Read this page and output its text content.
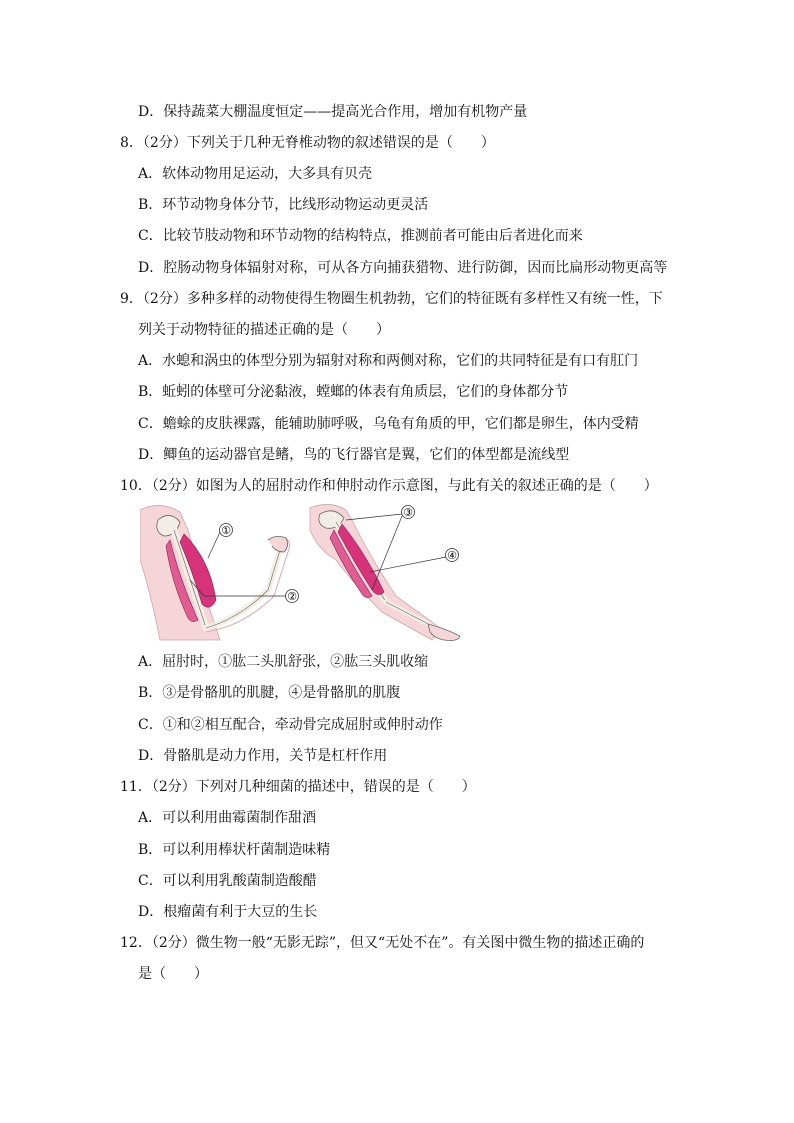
D．保持蔬菜大棚温度恒定——提高光合作用，增加有机物产量
8．（2分）下列关于几种无脊椎动物的叙述错误的是（　　）
A．软体动物用足运动，大多具有贝壳
B．环节动物身体分节，比线形动物运动更灵活
C．比较节肢动物和环节动物的结构特点，推测前者可能由后者进化而来
D．腔肠动物身体辐射对称，可从各方向捕获猎物、进行防御，因而比扁形动物更高等
9．（2分）多种多样的动物使得生物圈生机勃勃，它们的特征既有多样性又有统一性，下
列关于动物特征的描述正确的是（　　）
A．水螅和涡虫的体型分别为辐射对称和两侧对称，它们的共同特征是有口有肛门
B．蚯蚓的体壁可分泌黏液，螳螂的体表有角质层，它们的身体都分节
C．蟾蜍的皮肤裸露，能辅助肺呼吸，乌龟有角质的甲，它们都是卵生，体内受精
D．鲫鱼的运动器官是鳍，鸟的飞行器官是翼，它们的体型都是流线型
10．（2分）如图为人的屈肘动作和伸肘动作示意图，与此有关的叙述正确的是（　　）
①
②
③
④
A．屈肘时，①肱二头肌舒张，②肱三头肌收缩
B．③是骨骼肌的肌腱，④是骨骼肌的肌腹
C．①和②相互配合，牵动骨完成屈肘或伸肘动作
D．骨骼肌是动力作用，关节是杠杆作用
11．（2分）下列对几种细菌的描述中，错误的是（　　）
A．可以利用曲霉菌制作甜酒
B．可以利用棒状杆菌制造味精
C．可以利用乳酸菌制造酸醋
D．根瘤菌有利于大豆的生长
12．（2分）微生物一般“无影无踪”，但又“无处不在”。有关图中微生物的描述正确的
是（　　）
